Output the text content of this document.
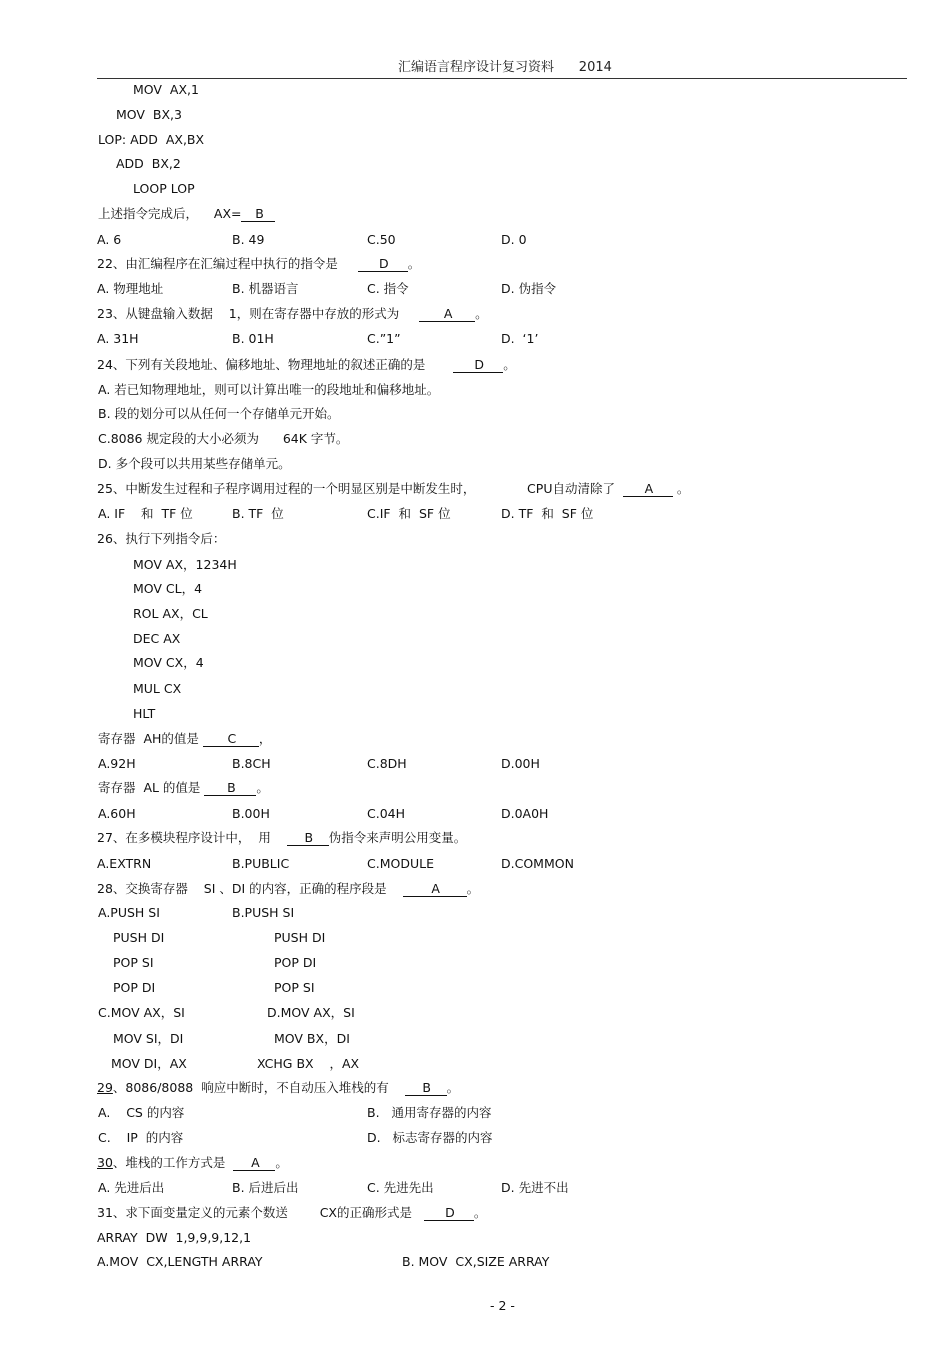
汇编语言程序设计复习资料      2014
MOV  AX,1
MOV  BX,3
LOP: ADD  AX,BX
ADD  BX,2
LOOP LOP
上述指令完成后，    AX= B
A. 6	B. 49	C.50	D. 0
22、由汇编程序在汇编过程中执行的指令是	D 。
A. 物理地址	B. 机器语言	C. 指令	D. 伪指令
23、从键盘输入数据    1，则在寄存器中存放的形式为	A 。
A. 31H	B. 01H	C.”1”	D.  ‘1’
24、下列有关段地址、偏移地址、物理地址的叙述正确的是	D 。
A. 若已知物理地址，则可以计算出唯一的段地址和偏移地址。
B. 段的划分可以从任何一个存储单元开始。
C.8086 规定段的大小必须为      64K 字节。
D. 多个段可以共用某些存储单元。
25、中断发生过程和子程序调用过程的一个明显区别是中断发生时，             CPU自动清除了 A 。
A. IF    和  TF 位	B. TF  位	C.IF  和  SF 位	D. TF  和  SF 位
26、执行下列指令后：
MOV AX，1234H
MOV CL，4
ROL AX，CL
DEC AX
MOV CX，4
MUL CX
HLT
寄存器  AH的值是 C ，
A.92H	B.8CH	C.8DH	D.00H
寄存器  AL 的值是 B 。
A.60H	B.00H	C.04H	D.0A0H
27、在多模块程序设计中，  用	B 伪指令来声明公用变量。
A.EXTRN	B.PUBLIC	C.MODULE	D.COMMON
28、交换寄存器    SI 、DI 的内容，正确的程序段是	A 。
A.PUSH SI
PUSH DI
POP SI
POP DI
B.PUSH SI
PUSH DI
POP DI
POP SI
C.MOV AX，SI
MOV SI，DI
MOV DI，AX
D.MOV AX，SI
MOV BX，DI
XCHG BX    ，AX
29、8086/8088  响应中断时，不自动压入堆栈的有	B 。
A.    CS 的内容	B.   通用寄存器的内容
C.    IP  的内容	D.   标志寄存器的内容
30、堆栈的工作方式是 A 。
A. 先进后出	B. 后进后出	C. 先进先出	D. 先进不出
31、求下面变量定义的元素个数送        CX的正确形式是	D 。
ARRAY  DW  1,9,9,9,12,1
A.MOV  CX,LENGTH ARRAY	B. MOV  CX,SIZE ARRAY
- 2 -
